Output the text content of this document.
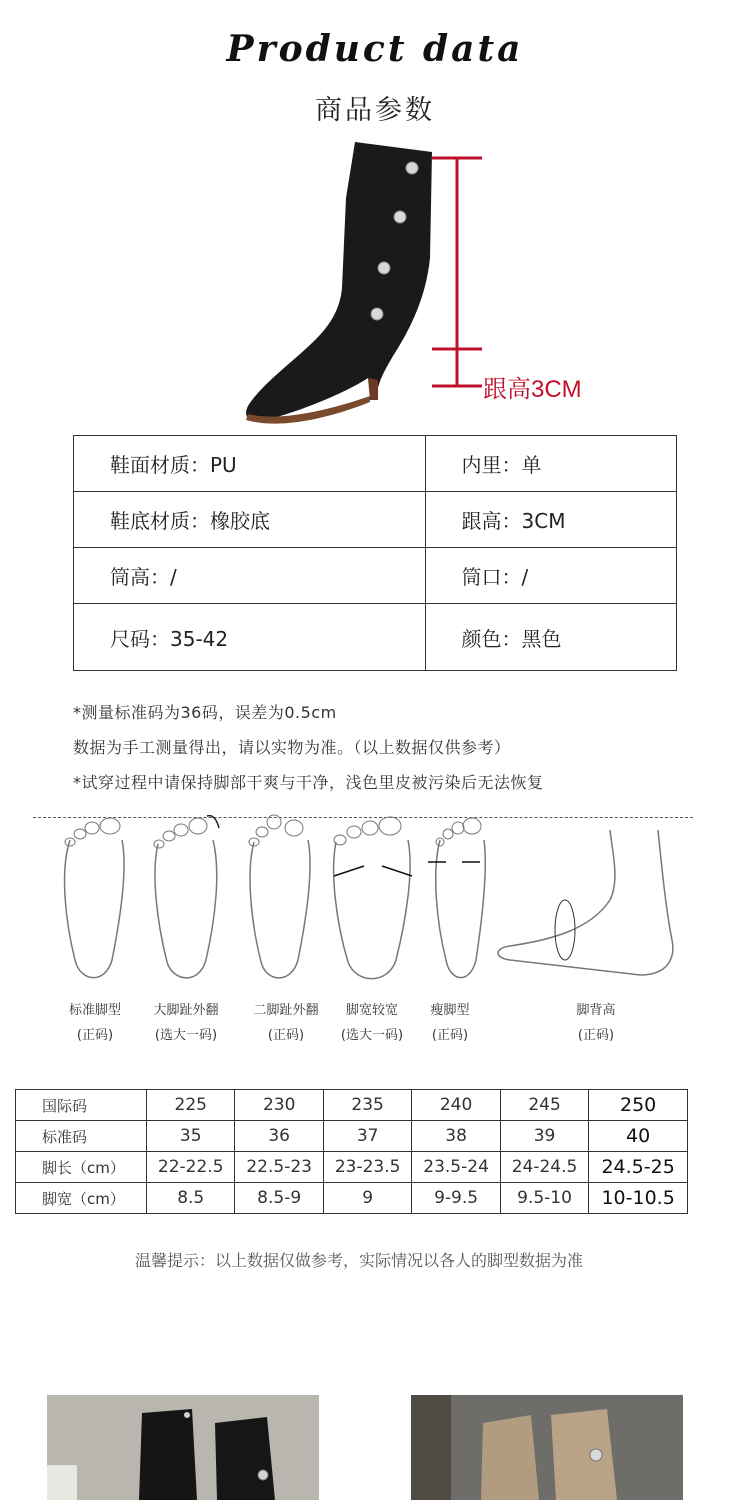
Product data
商品参数
跟高3CM
鞋面材质：PU	内里：单
鞋底材质：橡胶底	跟高：3CM
筒高：/	筒口：/
尺码：35-42	颜色：黑色

*测量标准码为36码，误差为0.5cm

数据为手工测量得出，请以实物为准。（以上数据仅供参考）

*试穿过程中请保持脚部干爽与干净，浅色里皮被污染后无法恢复

标准脚型
(正码)
大脚趾外翻
(选大一码)
二脚趾外翻
(正码)
脚宽较宽
(选大一码)
瘦脚型
(正码)
脚背高
(正码)
国际码	225	230	235	240	245	250
标准码	35	36	37	38	39	40
脚长（cm）	22-22.5	22.5-23	23-23.5	23.5-24	24-24.5	24.5-25
脚宽（cm）	8.5	8.5-9	9	9-9.5	9.5-10	10-10.5
温馨提示：以上数据仅做参考，实际情况以各人的脚型数据为准
